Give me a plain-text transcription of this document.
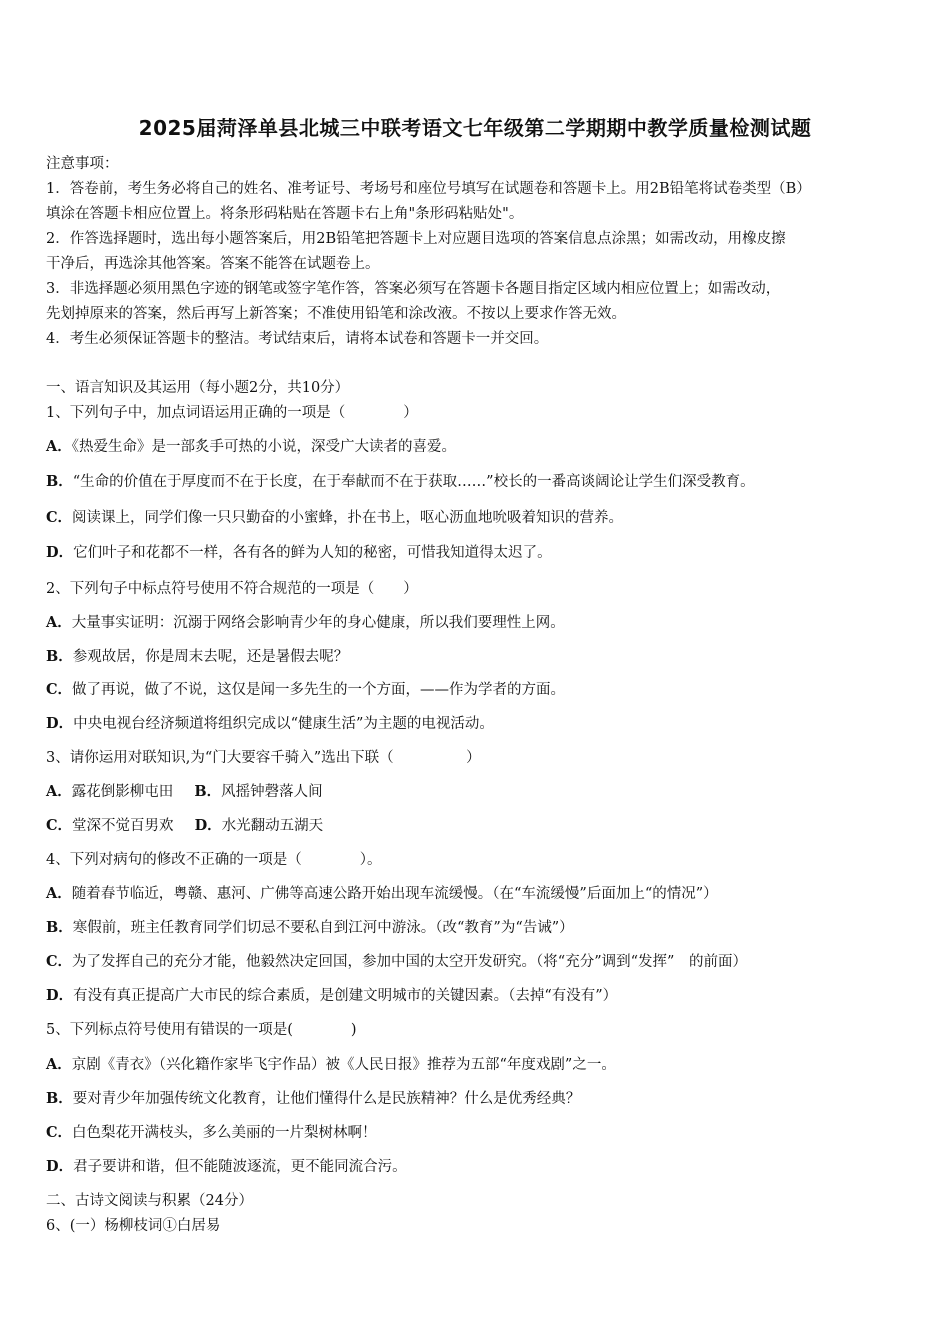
2025届菏泽单县北城三中联考语文七年级第二学期期中教学质量检测试题

注意事项：

1．答卷前，考生务必将自己的姓名、准考证号、考场号和座位号填写在试题卷和答题卡上。用2B铅笔将试卷类型（B）

填涂在答题卡相应位置上。将条形码粘贴在答题卡右上角"条形码粘贴处"。

2．作答选择题时，选出每小题答案后，用2B铅笔把答题卡上对应题目选项的答案信息点涂黑；如需改动，用橡皮擦

干净后，再选涂其他答案。答案不能答在试题卷上。

3．非选择题必须用黑色字迹的钢笔或签字笔作答，答案必须写在答题卡各题目指定区域内相应位置上；如需改动，

先划掉原来的答案，然后再写上新答案；不准使用铅笔和涂改液。不按以上要求作答无效。

4．考生必须保证答题卡的整洁。考试结束后，请将本试卷和答题卡一并交回。

一、语言知识及其运用（每小题2分，共10分）
1、下列句子中，加点词语运用正确的一项是（　　　　）
A．《热爱生命》是一部炙手可热的小说，深受广大读者的喜爱。
B．“生命的价值在于厚度而不在于长度，在于奉献而不在于获取……”校长的一番高谈阔论让学生们深受教育。
C．阅读课上，同学们像一只只勤奋的小蜜蜂，扑在书上，呕心沥血地吮吸着知识的营养。
D．它们叶子和花都不一样，各有各的鲜为人知的秘密，可惜我知道得太迟了。
2、下列句子中标点符号使用不符合规范的一项是（　　）
A．大量事实证明：沉溺于网络会影响青少年的身心健康，所以我们要理性上网。
B．参观故居，你是周末去呢，还是暑假去呢？
C．做了再说，做了不说，这仅是闻一多先生的一个方面，——作为学者的方面。
D．中央电视台经济频道将组织完成以“健康生活”为主题的电视活动。
3、请你运用对联知识,为“门大要容千骑入”选出下联（　　　　　）
A．露花倒影柳屯田 B．风摇钟磬落人间
C．堂深不觉百男欢 D．水光翻动五湖天
4、下列对病句的修改不正确的一项是（　　　　）。
A．随着春节临近，粤赣、惠河、广佛等高速公路开始出现车流缓慢。（在“车流缓慢”后面加上“的情况”）
B．寒假前，班主任教育同学们切忌不要私自到江河中游泳。（改“教育”为“告诫”）
C．为了发挥自己的充分才能，他毅然决定回国，参加中国的太空开发研究。（将“充分”调到“发挥”　的前面）
D．有没有真正提高广大市民的综合素质，是创建文明城市的关键因素。（去掉“有没有”）
5、下列标点符号使用有错误的一项是(　　　　)
A．京剧《青衣》（兴化籍作家毕飞宇作品）被《人民日报》推荐为五部“年度戏剧”之一。
B．要对青少年加强传统文化教育，让他们懂得什么是民族精神？什么是优秀经典？
C．白色梨花开满枝头，多么美丽的一片梨树林啊！
D．君子要讲和谐，但不能随波逐流，更不能同流合污。
二、古诗文阅读与积累（24分）
6、(一）杨柳枝词①白居易
